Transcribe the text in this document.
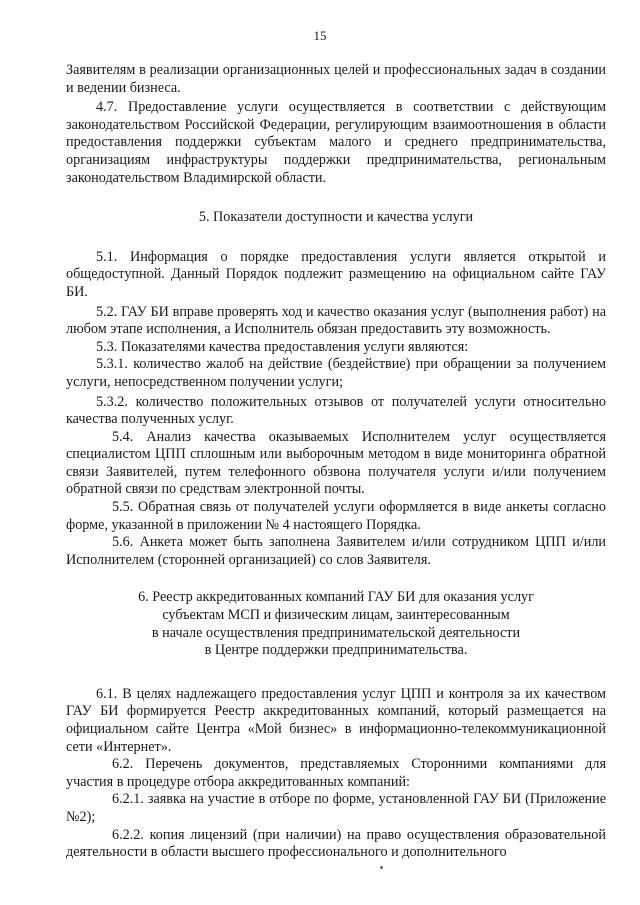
15

Заявителям в реализации организационных целей и профессиональных задач в создании и ведении бизнеса.

4.7. Предоставление услуги осуществляется в соответствии с действующим законодательством Российской Федерации, регулирующим взаимоотношения в области предоставления поддержки субъектам малого и среднего предпринимательства, организациям инфраструктуры поддержки предпринимательства, региональным законодательством Владимирской области.

5. Показатели доступности и качества услуги

5.1. Информация о порядке предоставления услуги является открытой и общедоступной. Данный Порядок подлежит размещению на официальном сайте ГАУ БИ.

5.2. ГАУ БИ вправе проверять ход и качество оказания услуг (выполнения работ) на любом этапе исполнения, а Исполнитель обязан предоставить эту возможность.

5.3. Показателями качества предоставления услуги являются:

5.3.1. количество жалоб на действие (бездействие) при обращении за получением услуги, непосредственном получении услуги;

5.3.2. количество положительных отзывов от получателей услуги относительно качества полученных услуг.

5.4. Анализ качества оказываемых Исполнителем услуг осуществляется специалистом ЦПП сплошным или выборочным методом в виде мониторинга обратной связи Заявителей, путем телефонного обзвона получателя услуги и/или получением обратной связи по средствам электронной почты.

5.5. Обратная связь от получателей услуги оформляется в виде анкеты согласно форме, указанной в приложении № 4 настоящего Порядка.

5.6. Анкета может быть заполнена Заявителем и/или сотрудником ЦПП и/или Исполнителем (сторонней организацией) со слов Заявителя.

6. Реестр аккредитованных компаний ГАУ БИ для оказания услуг
субъектам МСП и физическим лицам, заинтересованным
в начале осуществления предпринимательской деятельности
в Центре поддержки предпринимательства.

6.1. В целях надлежащего предоставления услуг ЦПП и контроля за их качеством ГАУ БИ формируется Реестр аккредитованных компаний, который размещается на официальном сайте Центра «Мой бизнес» в информационно-телекоммуникационной сети «Интернет».

6.2. Перечень документов, представляемых Сторонними компаниями для участия в процедуре отбора аккредитованных компаний:

6.2.1. заявка на участие в отборе по форме, установленной ГАУ БИ (Приложение №2);

6.2.2. копия лицензий (при наличии) на право осуществления образовательной деятельности в области высшего профессионального и дополнительного
